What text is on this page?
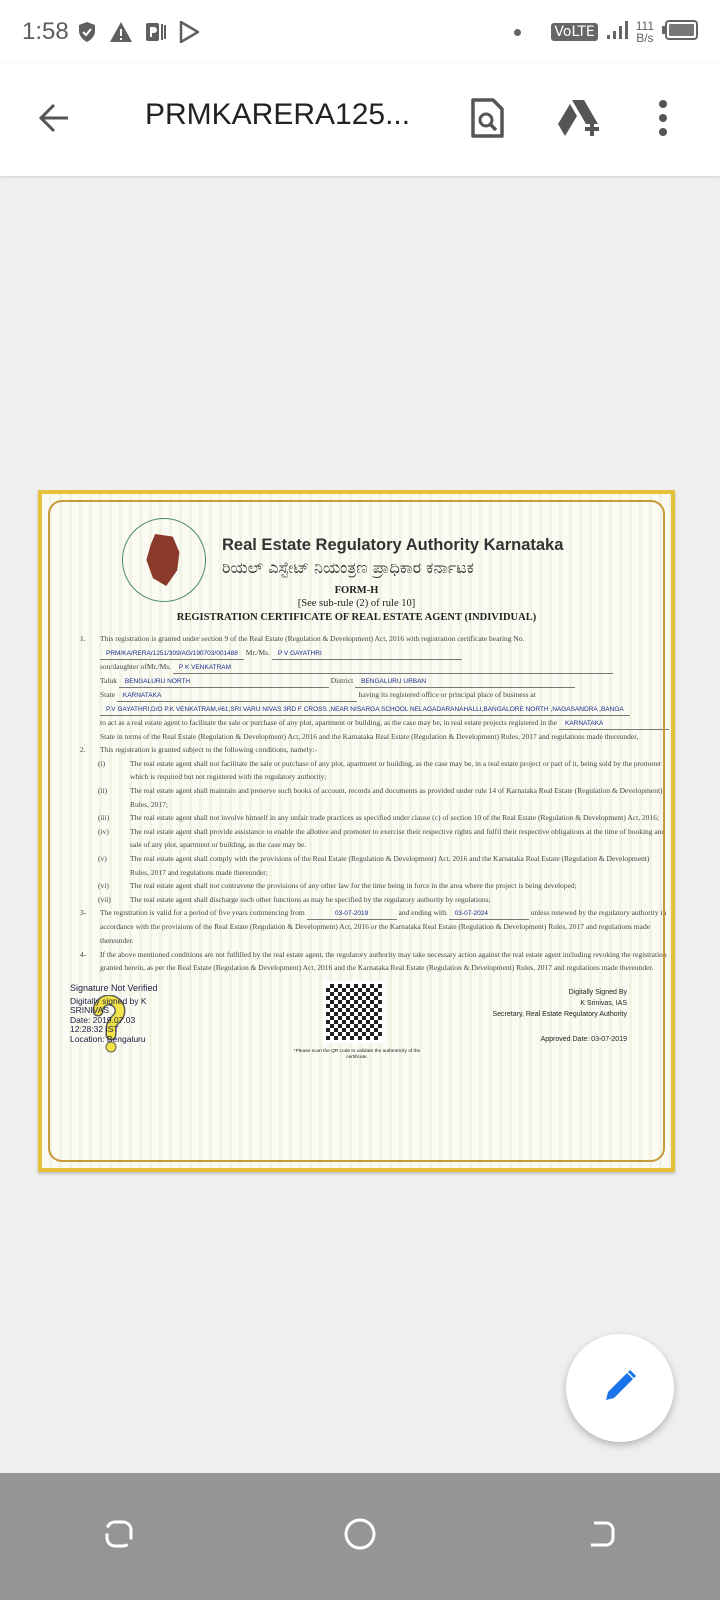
1:58	VoLTE	111
B/s
PRMKARERA125...
Real Estate Regulatory Authority Karnataka
ರಿಯಲ್ ಎಸ್ಟೇಟ್ ನಿಯಂತ್ರಣ ಪ್ರಾಧಿಕಾರ ಕರ್ನಾಟಕ
FORM-H
[See sub-rule (2) of rule 10]
REGISTRATION CERTIFICATE OF REAL ESTATE AGENT (INDIVIDUAL)
1. This registration is granted under section 9 of the Real Estate (Regulation & Development) Act, 2016 with registration certificate bearing No. PRM/KA/RERA/1251/309/AG/190703/001488 Mr./Ms. P V GAYATHRI
son/daughter ofMr./Ms. P K VENKATRAM
Taluk BENGALURU NORTH	District BENGALURU URBAN
State KARNATAKA	having its registered office or principal place of business at
P.V GAYATHRI,D/O P.K VENKATRAM,#61,SRI VARU NIVAS 3RD F CROSS ,NEAR NISARGA SCHOOL NELAGADARANAHALLI,BANGALORE NORTH ,NAGASANDRA ,BANGA
to act as a real estate agent to facilitate the sale or purchase of any plot, apartment or building, as the case may be, in real estate projects registered in the KARNATAKA State in terms of the Real Estate (Regulation & Development) Act, 2016 and the Karnataka Real Estate (Regulation & Development) Rules, 2017 and regulations made thereunder,
2. This registration is granted subject to the following conditions, namely:-
(i)	The real estate agent shall not facilitate the sale or purchase of any plot, apartment or building, as the case may be, in a real estate project or part of it, being sold by the promoter which is required but not registered with the regulatory authority;
(ii)	The real estate agent shall maintain and preserve such books of account, records and documents as provided under rule 14 of Karnataka Real Estate (Regulation & Development) Rules, 2017;
(iii)	The real estate agent shall not involve himself in any unfair trade practices as specified under clause (c) of section 10 of the Real Estate (Regulation & Development) Act, 2016;
(iv)	The real estate agent shall provide assistance to enable the allottee and promoter to exercise their respective rights and fulfil their respective obligations at the time of booking and sale of any plot, apartment or building, as the case may be.
(v)	The real estate agent shall comply with the provisions of the Real Estate (Regulation & Development) Act, 2016 and the Karnataka Real Estate (Regulation & Development) Rules, 2017 and regulations made thereunder;
(vi)	The real estate agent shall not contravene the provisions of any other law for the time being in force in the area where the project is being developed;
(vii)	The real estate agent shall discharge such other functions as may be specified by the regulatory authority by regulations;
3- The registration is valid for a period of five years commencing from	03-07-2019	and ending with 03-07-2024	unless renewed by the regulatory authority in accordance with the provisions of the Real Estate (Regulation & Development) Act, 2016 or the Karnataka Real Estate (Regulation & Development) Rules, 2017 and regulations made thereunder.
4- If the above mentioned conditions are not fulfilled by the real estate agent, the regulatory authority may take necessary action against the real estate agent including revoking the registration granted herein, as per the Real Estate (Regulation & Development) Act, 2016 and the Karnataka Real Estate (Regulation & Development) Rules, 2017 and regulations made thereunder.
Signature Not Verified
Digitally signed by K SRINIVAS
Date: 2019.07.03
12:28:32 IST
Location: Bengaluru
*Please scan the QR code to validate the authenticity of the certificate.
Digitally Signed By
K Srinivas, IAS
Secretary, Real Estate Regulatory Authority
Approved Date: 03-07-2019
